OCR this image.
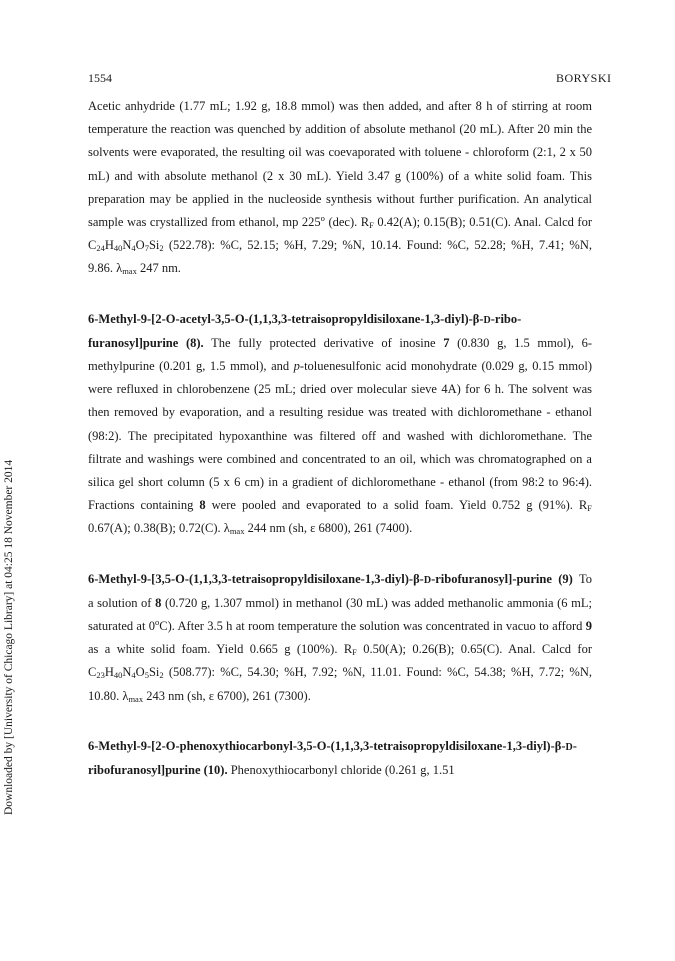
1554	BORYSKI
Downloaded by [University of Chicago Library] at 04:25 18 November 2014

Acetic anhydride (1.77 mL; 1.92 g, 18.8 mmol) was then added, and after 8 h of stirring at room temperature the reaction was quenched by addition of absolute methanol (20 mL). After 20 min the solvents were evaporated, the resulting oil was coevaporated with toluene - chloroform (2:1, 2 x 50 mL) and with absolute methanol (2 x 30 mL). Yield 3.47 g (100%) of a white solid foam. This preparation may be applied in the nucleoside synthesis without further purification. An analytical sample was crystallized from ethanol, mp 225$^o$ (dec). $R_F$ 0.42(A); 0.15(B); 0.51(C). Anal. Calcd for $C_{24}H_{40}N_4O_7Si_2$ (522.78): %C, 52.15; %H, 7.29; %N, 10.14. Found: %C, 52.28; %H, 7.41; %N, 9.86. $\lambda_{max}$ 247 nm.

6-Methyl-9-[2-O-acetyl-3,5-O-(1,1,3,3-tetraisopropyldisiloxane-1,3-diyl)-β-D-ribo-furanosyl]purine (8). The fully protected derivative of inosine 7 (0.830 g, 1.5 mmol), 6-methylpurine (0.201 g, 1.5 mmol), and p-toluenesulfonic acid monohydrate (0.029 g, 0.15 mmol) were refluxed in chlorobenzene (25 mL; dried over molecular sieve 4A) for 6 h. The solvent was then removed by evaporation, and a resulting residue was treated with dichloromethane - ethanol (98:2). The precipitated hypoxanthine was filtered off and washed with dichloromethane. The filtrate and washings were combined and concentrated to an oil, which was chromatographed on a silica gel short column (5 x 6 cm) in a gradient of dichloromethane - ethanol (from 98:2 to 96:4). Fractions containing 8 were pooled and evaporated to a solid foam. Yield 0.752 g (91%). $R_F$ 0.67(A); 0.38(B); 0.72(C). $\lambda_{max}$ 244 nm (sh, ε 6800), 261 (7400).

6-Methyl-9-[3,5-O-(1,1,3,3-tetraisopropyldisiloxane-1,3-diyl)-β-D-ribofuranosyl]-purine (9) To a solution of 8 (0.720 g, 1.307 mmol) in methanol (30 mL) was added methanolic ammonia (6 mL; saturated at 0$^o$C). After 3.5 h at room temperature the solution was concentrated in vacuo to afford 9 as a white solid foam. Yield 0.665 g (100%). $R_F$ 0.50(A); 0.26(B); 0.65(C). Anal. Calcd for $C_{23}H_{40}N_4O_5Si_2$ (508.77): %C, 54.30; %H, 7.92; %N, 11.01. Found: %C, 54.38; %H, 7.72; %N, 10.80. $\lambda_{max}$ 243 nm (sh, ε 6700), 261 (7300).

6-Methyl-9-[2-O-phenoxythiocarbonyl-3,5-O-(1,1,3,3-tetraisopropyldisiloxane-1,3-diyl)-β-D-ribofuranosyl]purine (10). Phenoxythiocarbonyl chloride (0.261 g, 1.51
